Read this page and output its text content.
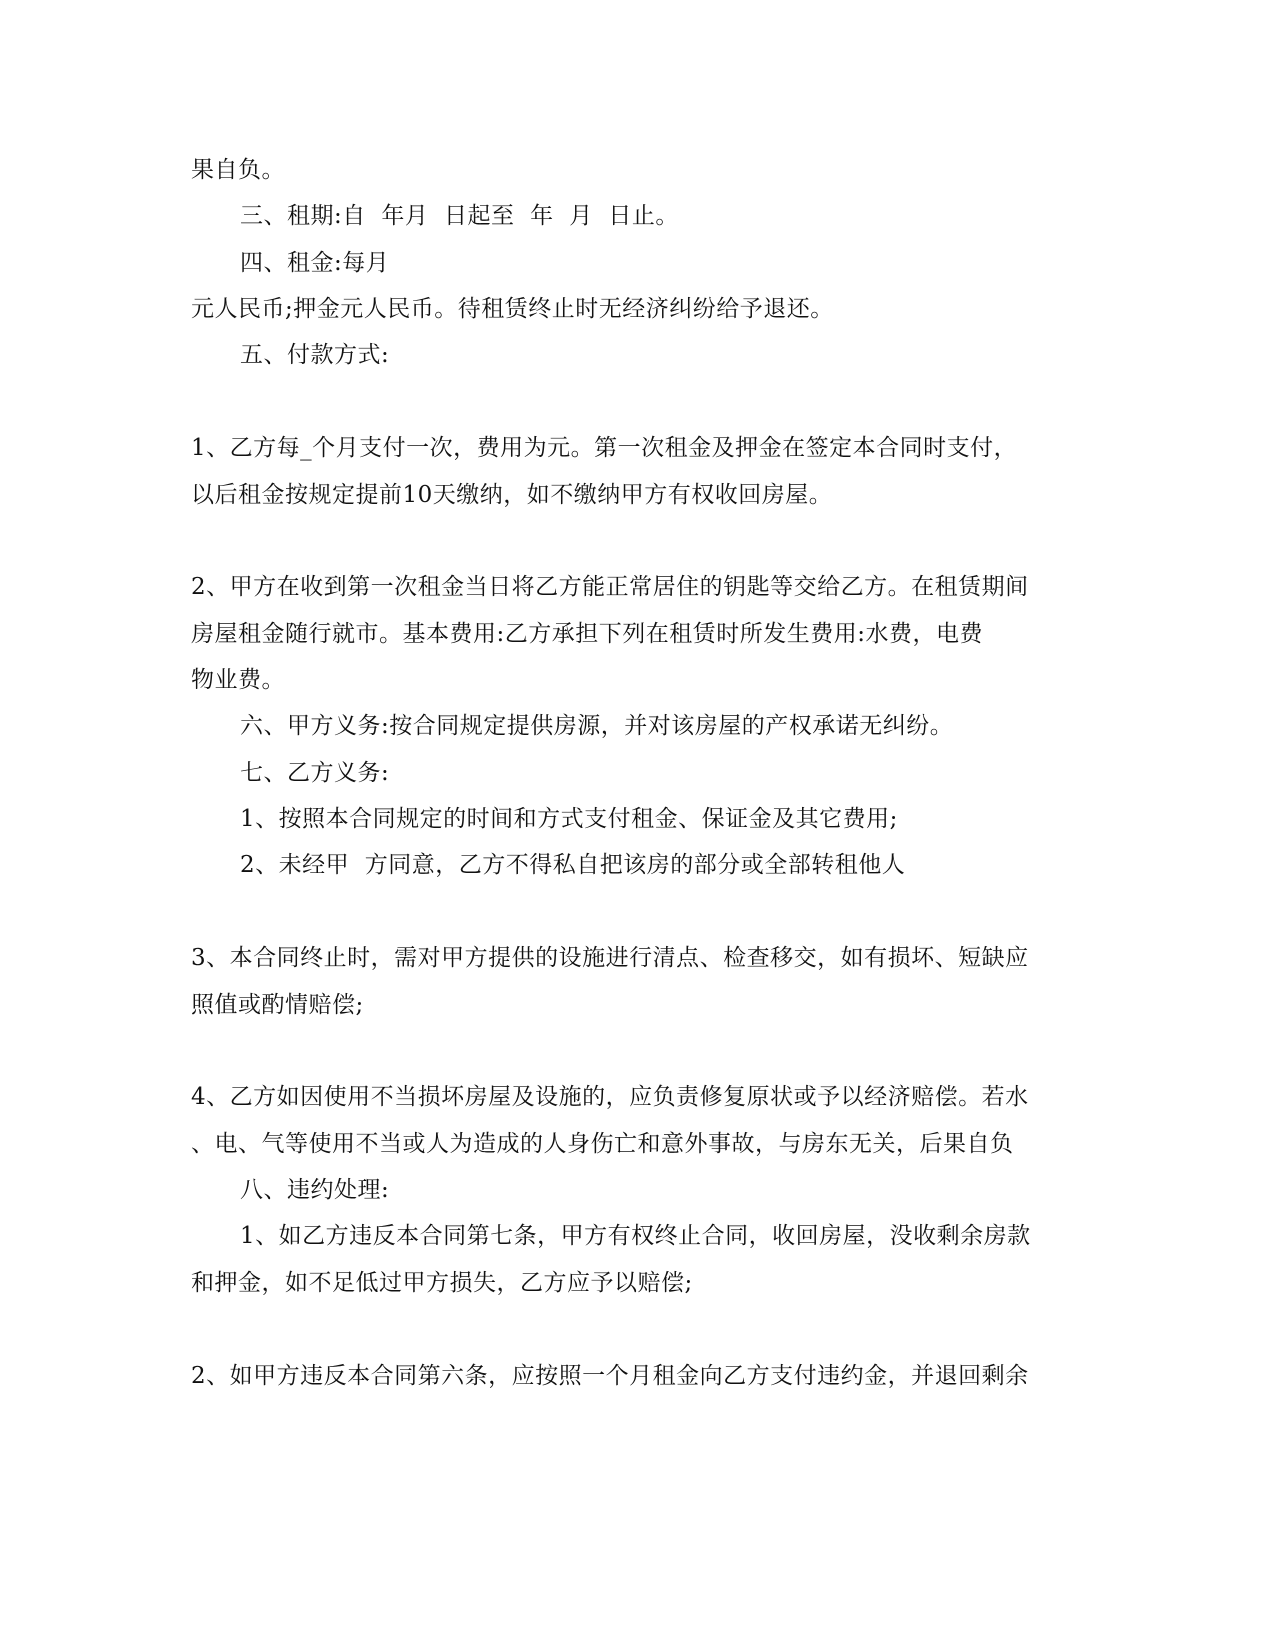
果自负。
三、租期:自  年月  日起至  年  月  日止。
四、租金:每月
元人民币;押金元人民币。待租赁终止时无经济纠纷给予退还。
五、付款方式:
1、乙方每_个月支付一次，费用为元。第一次租金及押金在签定本合同时支付，
以后租金按规定提前10天缴纳，如不缴纳甲方有权收回房屋。
2、甲方在收到第一次租金当日将乙方能正常居住的钥匙等交给乙方。在租赁期间
房屋租金随行就市。基本费用:乙方承担下列在租赁时所发生费用:水费，电费
物业费。
六、甲方义务:按合同规定提供房源，并对该房屋的产权承诺无纠纷。
七、乙方义务:
1、按照本合同规定的时间和方式支付租金、保证金及其它费用;
2、未经甲  方同意，乙方不得私自把该房的部分或全部转租他人
3、本合同终止时，需对甲方提供的设施进行清点、检查移交，如有损坏、短缺应
照值或酌情赔偿;
4、乙方如因使用不当损坏房屋及设施的，应负责修复原状或予以经济赔偿。若水
、电、气等使用不当或人为造成的人身伤亡和意外事故，与房东无关，后果自负
八、违约处理:
1、如乙方违反本合同第七条，甲方有权终止合同，收回房屋，没收剩余房款
和押金，如不足低过甲方损失，乙方应予以赔偿;
2、如甲方违反本合同第六条，应按照一个月租金向乙方支付违约金，并退回剩余
